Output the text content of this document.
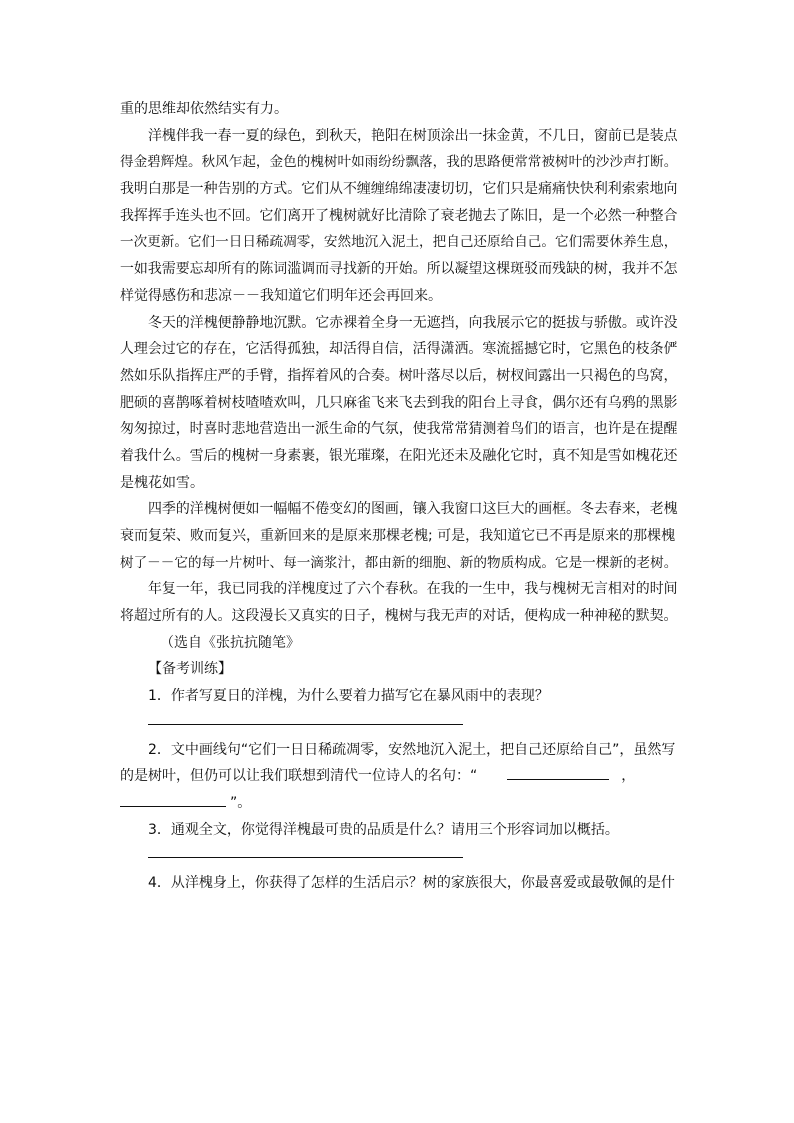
重的思维却依然结实有力。
洋槐伴我一春一夏的绿色，到秋天，艳阳在树顶涂出一抹金黄，不几日，窗前已是装点
得金碧辉煌。秋风乍起，金色的槐树叶如雨纷纷飘落，我的思路便常常被树叶的沙沙声打断。
我明白那是一种告别的方式。它们从不缠缠绵绵凄凄切切，它们只是痛痛快快利利索索地向
我挥挥手连头也不回。它们离开了槐树就好比清除了衰老抛去了陈旧，是一个必然一种整合
一次更新。它们一日日稀疏凋零，安然地沉入泥土，把自己还原给自己。它们需要休养生息，
一如我需要忘却所有的陈词滥调而寻找新的开始。所以凝望这棵斑驳而残缺的树，我并不怎
样觉得感伤和悲凉－－我知道它们明年还会再回来。
冬天的洋槐便静静地沉默。它赤裸着全身一无遮挡，向我展示它的挺拔与骄傲。或许没
人理会过它的存在，它活得孤独，却活得自信，活得潇洒。寒流摇撼它时，它黑色的枝条俨
然如乐队指挥庄严的手臂，指挥着风的合奏。树叶落尽以后，树杈间露出一只褐色的鸟窝，
肥硕的喜鹊啄着树枝喳喳欢叫，几只麻雀飞来飞去到我的阳台上寻食，偶尔还有乌鸦的黑影
匆匆掠过，时喜时悲地营造出一派生命的气氛，使我常常猜测着鸟们的语言，也许是在提醒
着我什么。雪后的槐树一身素裹，银光璀璨，在阳光还未及融化它时，真不知是雪如槐花还
是槐花如雪。
四季的洋槐树便如一幅幅不倦变幻的图画，镶入我窗口这巨大的画框。冬去春来，老槐
衰而复荣、败而复兴，重新回来的是原来那棵老槐; 可是，我知道它已不再是原来的那棵槐
树了－－它的每一片树叶、每一滴浆汁，都由新的细胞、新的物质构成。它是一棵新的老树。
年复一年，我已同我的洋槐度过了六个春秋。在我的一生中，我与槐树无言相对的时间
将超过所有的人。这段漫长又真实的日子，槐树与我无声的对话，便构成一种神秘的默契。
（选自《张抗抗随笔》
【备考训练】
1．作者写夏日的洋槐，为什么要着力描写它在暴风雨中的表现？
2．文中画线句“它们一日日稀疏凋零，安然地沉入泥土，把自己还原给自己”，虽然写
的是树叶，但仍可以让我们联想到清代一位诗人的名句：“	，
”。
3．通观全文，你觉得洋槐最可贵的品质是什么？请用三个形容词加以概括。
4．从洋槐身上，你获得了怎样的生活启示？树的家族很大，你最喜爱或最敬佩的是什
